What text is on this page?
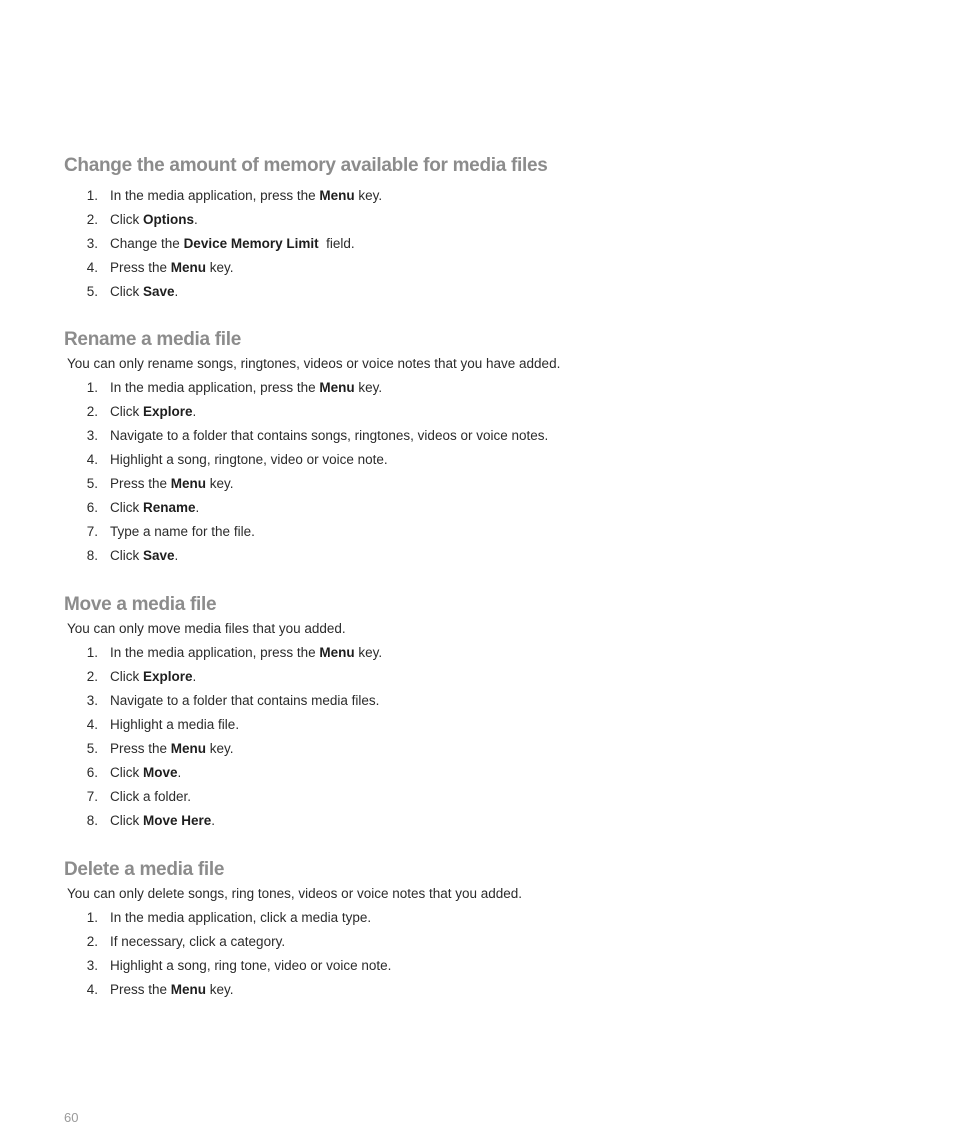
Change the amount of memory available for media files
1. In the media application, press the Menu key.
2. Click Options.
3. Change the Device Memory Limit  field.
4. Press the Menu key.
5. Click Save.
Rename a media file

You can only rename songs, ringtones, videos or voice notes that you have added.

1. In the media application, press the Menu key.
2. Click Explore.
3. Navigate to a folder that contains songs, ringtones, videos or voice notes.
4. Highlight a song, ringtone, video or voice note.
5. Press the Menu key.
6. Click Rename.
7. Type a name for the file.
8. Click Save.
Move a media file

You can only move media files that you added.

1. In the media application, press the Menu key.
2. Click Explore.
3. Navigate to a folder that contains media files.
4. Highlight a media file.
5. Press the Menu key.
6. Click Move.
7. Click a folder.
8. Click Move Here.
Delete a media file

You can only delete songs, ring tones, videos or voice notes that you added.

1. In the media application, click a media type.
2. If necessary, click a category.
3. Highlight a song, ring tone, video or voice note.
4. Press the Menu key.
60
